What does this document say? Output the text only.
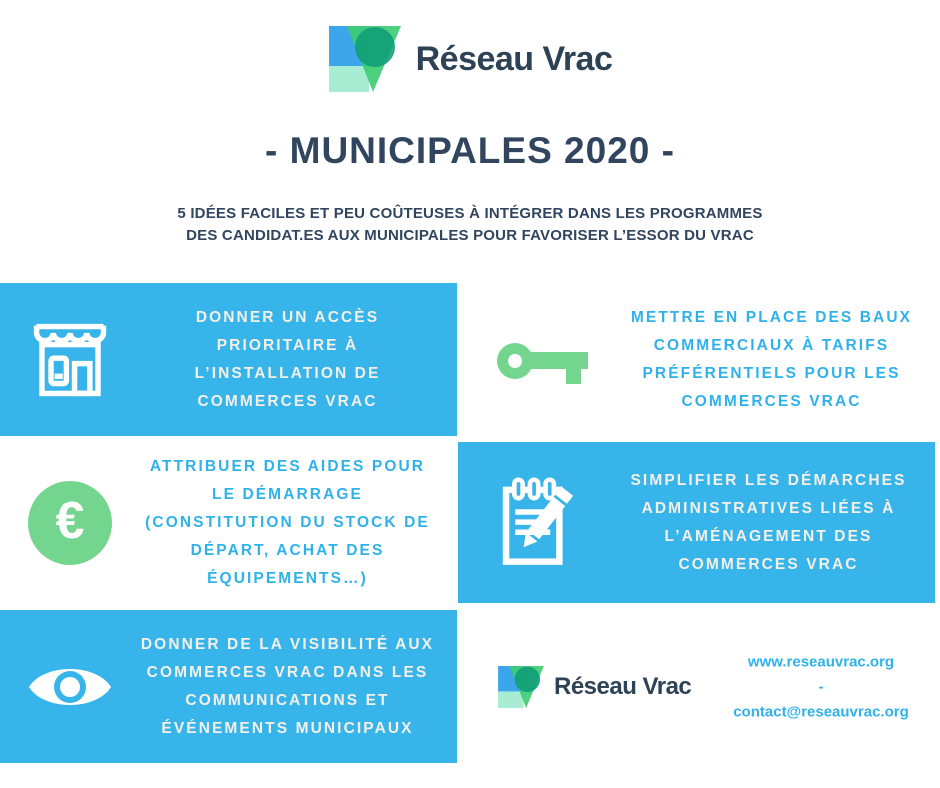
Réseau Vrac
- MUNICIPALES 2020 -
5 IDÉES FACILES ET PEU COÛTEUSES À INTÉGRER DANS LES PROGRAMMES
DES CANDIDAT.ES AUX MUNICIPALES POUR FAVORISER L’ESSOR DU VRAC
DONNER UN ACCÈS PRIORITAIRE À L’INSTALLATION DE COMMERCES VRAC
METTRE EN PLACE DES BAUX COMMERCIAUX À TARIFS PRÉFÉRENTIELS POUR LES COMMERCES VRAC
€
ATTRIBUER DES AIDES POUR LE DÉMARRAGE (CONSTITUTION DU STOCK DE DÉPART, ACHAT DES ÉQUIPEMENTS…)
SIMPLIFIER LES DÉMARCHES ADMINISTRATIVES LIÉES À L’AMÉNAGEMENT DES COMMERCES VRAC
DONNER DE LA VISIBILITÉ AUX COMMERCES VRAC DANS LES COMMUNICATIONS ET ÉVÉNEMENTS MUNICIPAUX
Réseau Vrac
www.reseauvrac.org
-
contact@reseauvrac.org
